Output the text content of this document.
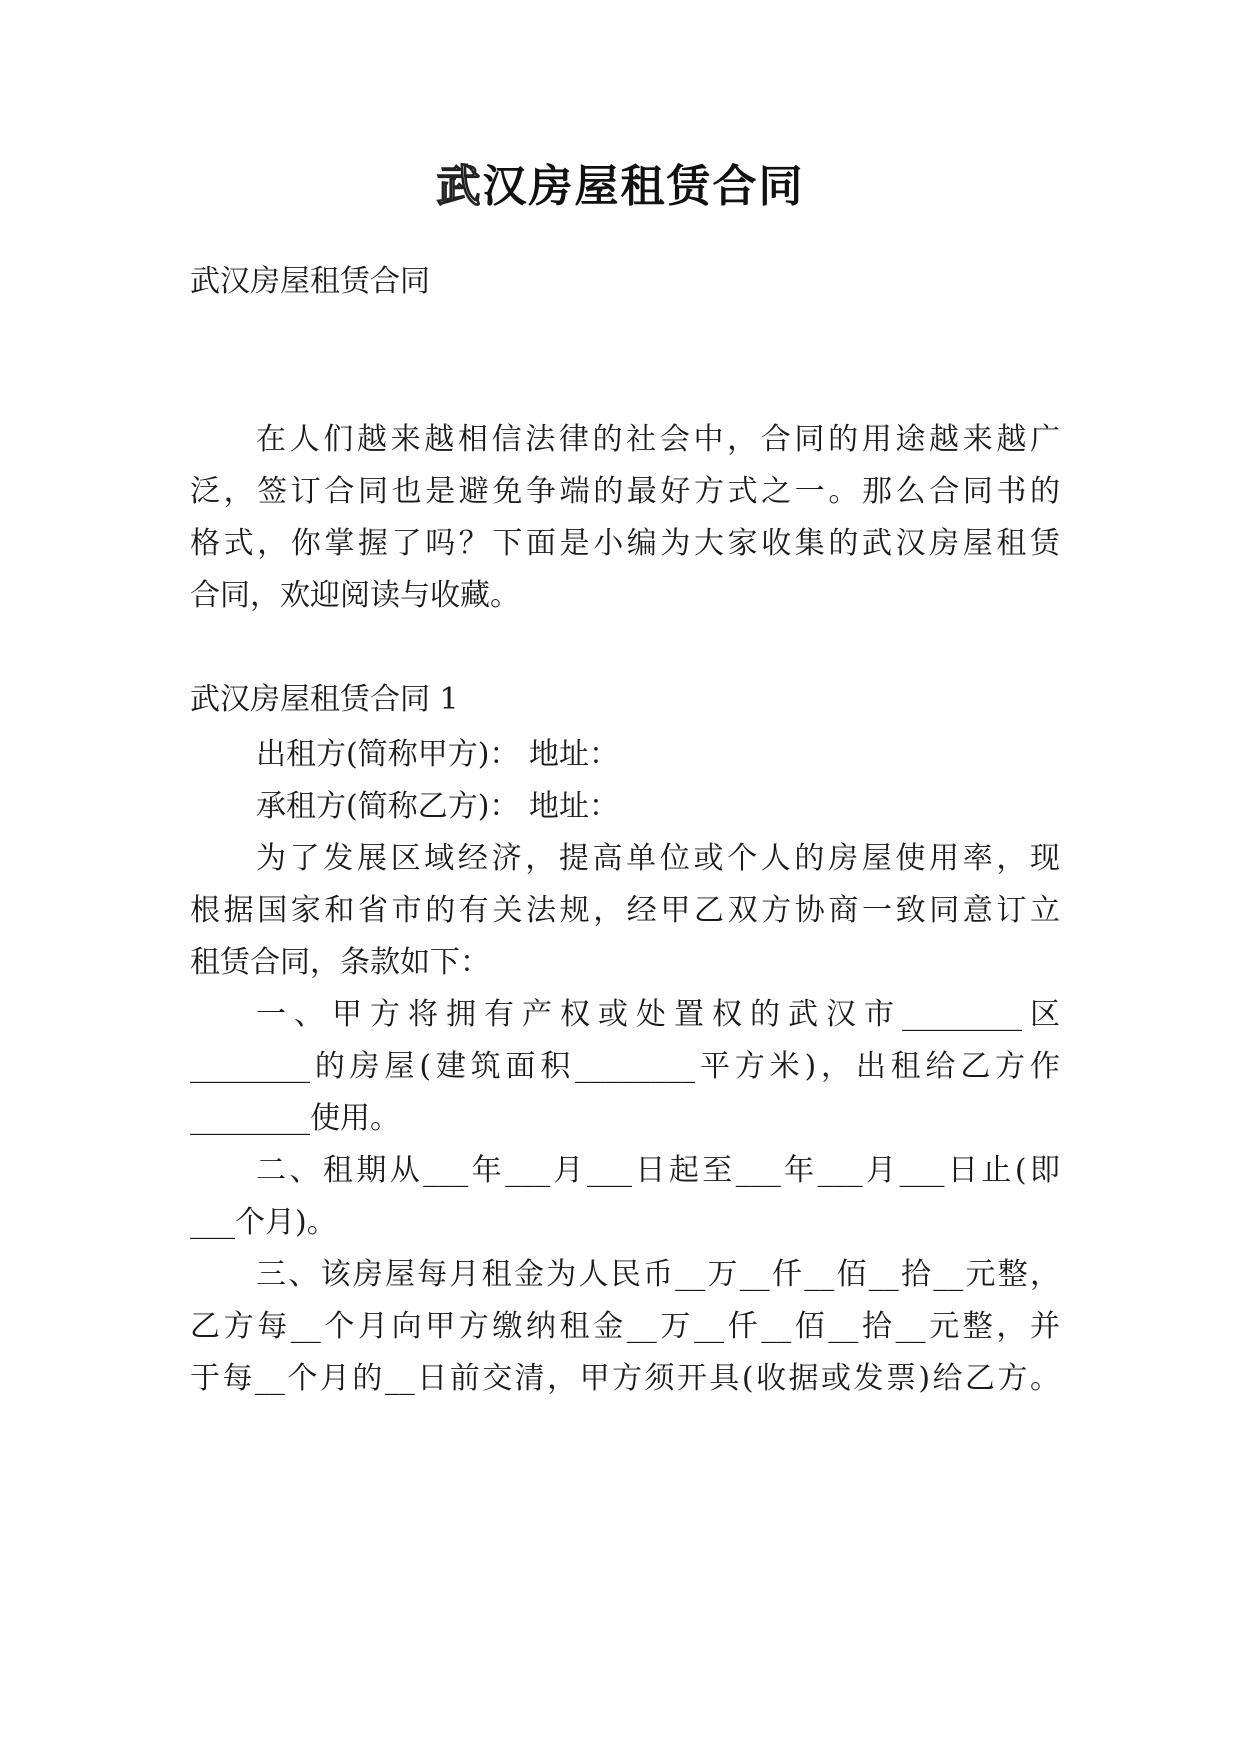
武汉房屋租赁合同
武汉房屋租赁合同
在人们越来越相信法律的社会中，合同的用途越来越广
泛，签订合同也是避免争端的最好方式之一。那么合同书的
格式，你掌握了吗？下面是小编为大家收集的武汉房屋租赁
合同，欢迎阅读与收藏。
武汉房屋租赁合同 1
出租方(简称甲方)： 地址：
承租方(简称乙方)： 地址：
为了发展区域经济，提高单位或个人的房屋使用率，现
根据国家和省市的有关法规，经甲乙双方协商一致同意订立
租赁合同，条款如下：
一、甲方将拥有产权或处置权的武汉市________区
________的房屋(建筑面积________平方米)，出租给乙方作
________使用。
二、租期从___年___月___日起至___年___月___日止(即
___个月)。
三、该房屋每月租金为人民币__万__仟__佰__拾__元整，
乙方每__个月向甲方缴纳租金__万__仟__佰__拾__元整，并
于每__个月的__日前交清，甲方须开具(收据或发票)给乙方。
